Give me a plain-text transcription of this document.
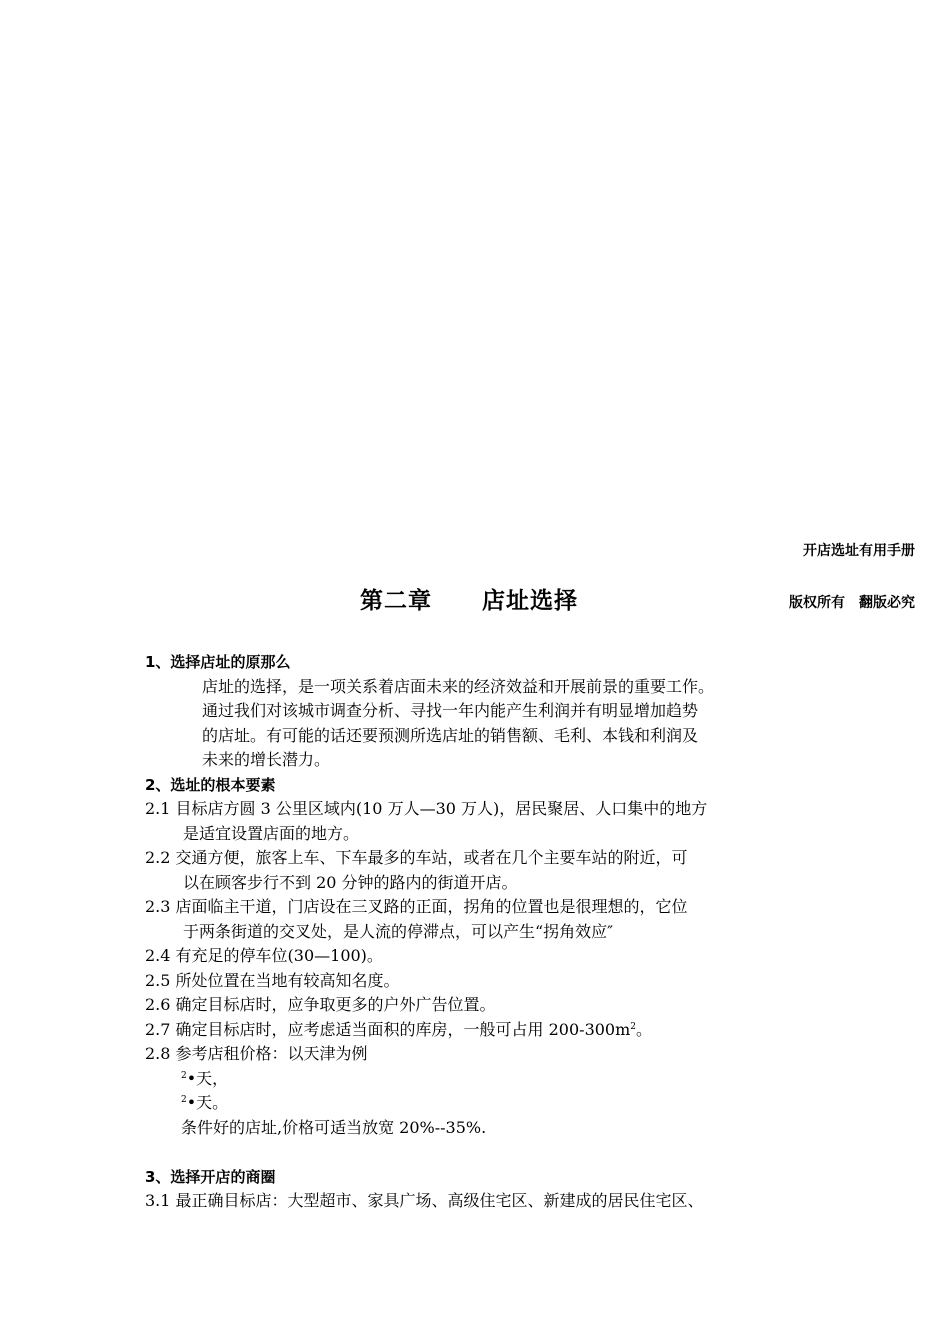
开店选址有用手册
第二章 店址选择	版权所有 翻版必究
1、选择店址的原那么
店址的选择，是一项关系着店面未来的经济效益和开展前景的重要工作。
通过我们对该城市调查分析、寻找一年内能产生利润并有明显增加趋势
的店址。有可能的话还要预测所选店址的销售额、毛利、本钱和利润及
未来的增长潜力。
2、选址的根本要素
2.1 目标店方圆 3 公里区域内(10 万人—30 万人)，居民聚居、人口集中的地方
是适宜设置店面的地方。
2.2 交通方便，旅客上车、下车最多的车站，或者在几个主要车站的附近，可
以在顾客步行不到 20 分钟的路内的街道开店。
2.3 店面临主干道，门店设在三叉路的正面，拐角的位置也是很理想的，它位
于两条街道的交叉处，是人流的停滞点，可以产生“拐角效应″
2.4 有充足的停车位(30—100)。
2.5 所处位置在当地有较高知名度。
2.6 确定目标店时，应争取更多的户外广告位置。
2.7 确定目标店时，应考虑适当面积的库房，一般可占用 $200-300m^2$。
2.8 参考店租价格：以天津为例
$^2$•天，
$^2$•天。
条件好的店址,价格可适当放宽 20%--35%.
3、选择开店的商圈
3.1 最正确目标店：大型超市、家具广场、高级住宅区、新建成的居民住宅区、
